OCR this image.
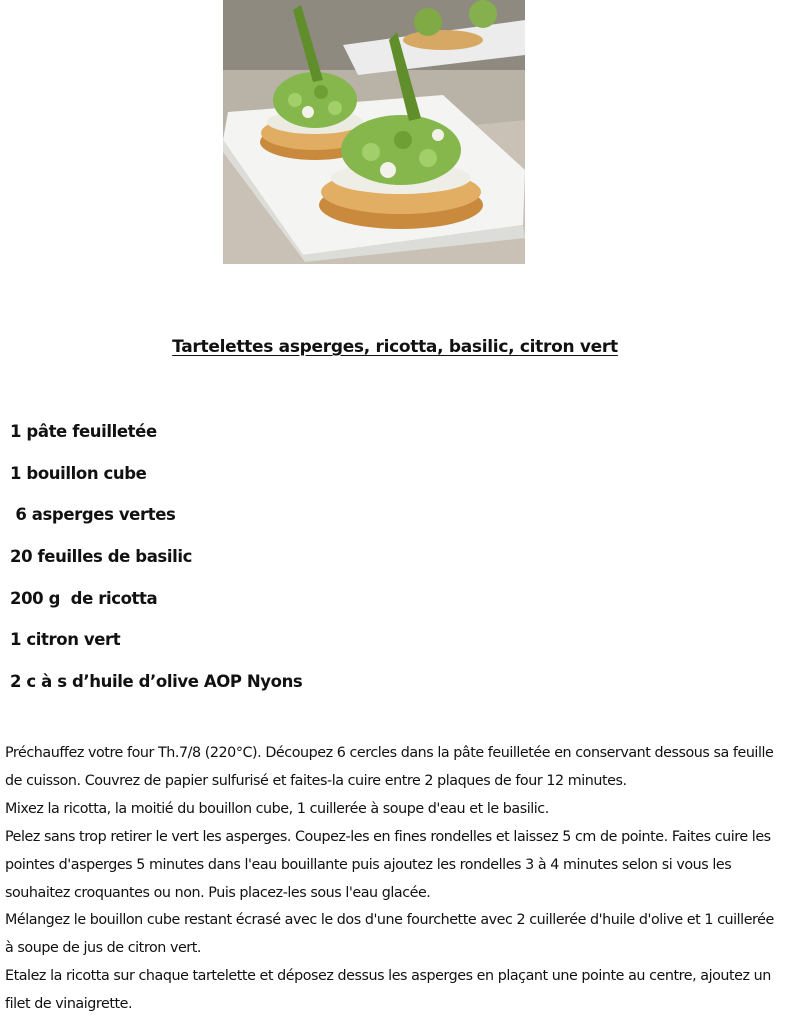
Tartelettes asperges, ricotta, basilic, citron vert
1 pâte feuilletée
1 bouillon cube
6 asperges vertes
20 feuilles de basilic
200 g  de ricotta
1 citron vert
2 c à s d’huile d’olive AOP Nyons

Préchauffez votre four Th.7/8 (220°C). Découpez 6 cercles dans la pâte feuilletée en conservant dessous sa feuille de cuisson. Couvrez de papier sulfurisé et faites-la cuire entre 2 plaques de four 12 minutes.

Mixez la ricotta, la moitié du bouillon cube, 1 cuillerée à soupe d'eau et le basilic.

Pelez sans trop retirer le vert les asperges. Coupez-les en fines rondelles et laissez 5 cm de pointe. Faites cuire les pointes d'asperges 5 minutes dans l'eau bouillante puis ajoutez les rondelles 3 à 4 minutes selon si vous les souhaitez croquantes ou non. Puis placez-les sous l'eau glacée.

Mélangez le bouillon cube restant écrasé avec le dos d'une fourchette avec 2 cuillerée d'huile d'olive et 1 cuillerée à soupe de jus de citron vert.

Etalez la ricotta sur chaque tartelette et déposez dessus les asperges en plaçant une pointe au centre, ajoutez un filet de vinaigrette.
